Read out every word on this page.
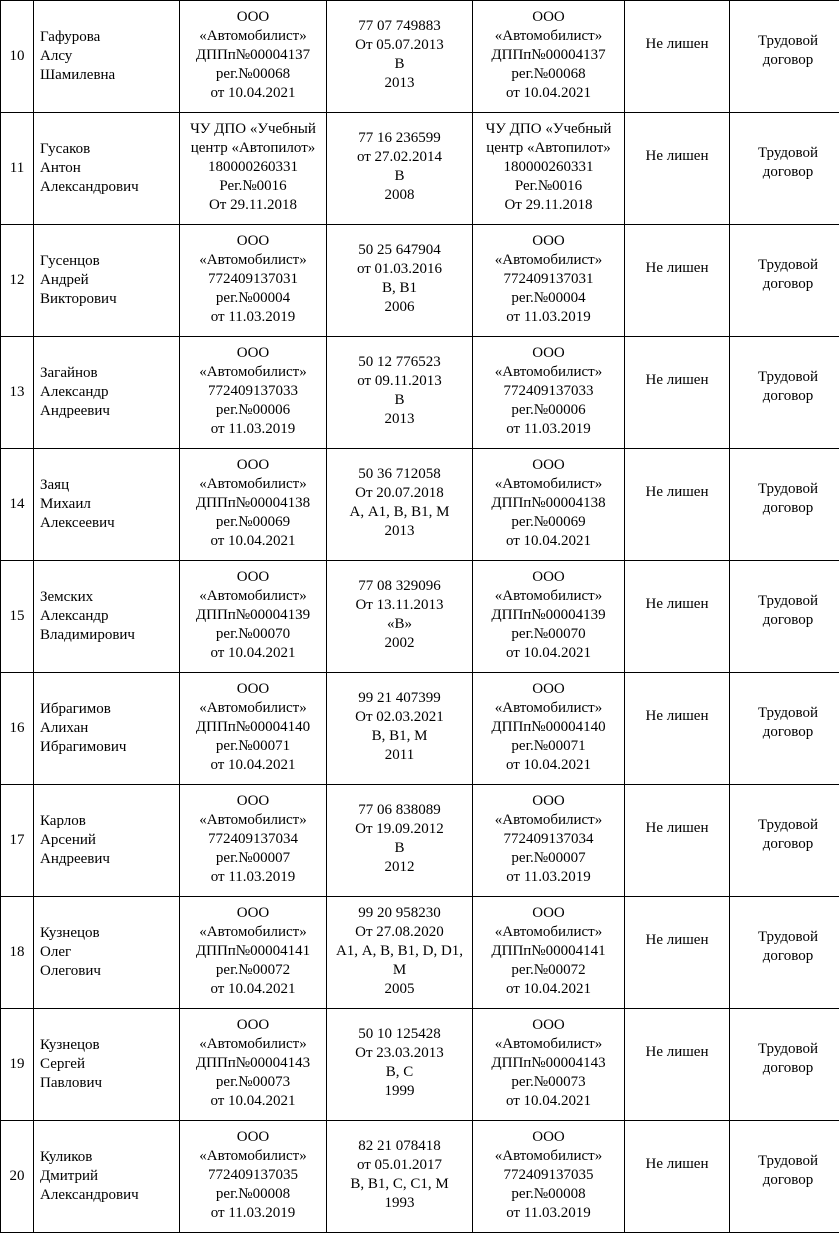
10	Гафурова
Алсу
Шамилевна	ООО
«Автомобилист»
ДППп№00004137
рег.№00068
от 10.04.2021	77 07 749883
От 05.07.2013
В
2013	ООО
«Автомобилист»
ДППп№00004137
рег.№00068
от 10.04.2021	Не лишен	Трудовой
договор

11	Гусаков
Антон
Александрович	ЧУ ДПО «Учебный
центр «Автопилот»
180000260331
Рег.№0016
От 29.11.2018	77 16 236599
от 27.02.2014
В
2008	ЧУ ДПО «Учебный
центр «Автопилот»
180000260331
Рег.№0016
От 29.11.2018	Не лишен	Трудовой
договор

12	Гусенцов
Андрей
Викторович	ООО
«Автомобилист»
772409137031
рег.№00004
от 11.03.2019	50 25 647904
от 01.03.2016
В, В1
2006	ООО
«Автомобилист»
772409137031
рег.№00004
от 11.03.2019	Не лишен	Трудовой
договор

13	Загайнов
Александр
Андреевич	ООО
«Автомобилист»
772409137033
рег.№00006
от 11.03.2019	50 12 776523
от 09.11.2013
В
2013	ООО
«Автомобилист»
772409137033
рег.№00006
от 11.03.2019	Не лишен	Трудовой
договор

14	Заяц
Михаил
Алексеевич	ООО
«Автомобилист»
ДППп№00004138
рег.№00069
от 10.04.2021	50 36 712058
От 20.07.2018
А, А1, В, В1, М
2013	ООО
«Автомобилист»
ДППп№00004138
рег.№00069
от 10.04.2021	Не лишен	Трудовой
договор

15	Земских
Александр
Владимирович	ООО
«Автомобилист»
ДППп№00004139
рег.№00070
от 10.04.2021	77 08 329096
От 13.11.2013
«В»
2002	ООО
«Автомобилист»
ДППп№00004139
рег.№00070
от 10.04.2021	Не лишен	Трудовой
договор

16	Ибрагимов
Алихан
Ибрагимович	ООО
«Автомобилист»
ДППп№00004140
рег.№00071
от 10.04.2021	99 21 407399
От 02.03.2021
В, В1, М
2011	ООО
«Автомобилист»
ДППп№00004140
рег.№00071
от 10.04.2021	Не лишен	Трудовой
договор

17	Карлов
Арсений
Андреевич	ООО
«Автомобилист»
772409137034
рег.№00007
от 11.03.2019	77 06 838089
От 19.09.2012
В
2012	ООО
«Автомобилист»
772409137034
рег.№00007
от 11.03.2019	Не лишен	Трудовой
договор

18	Кузнецов
Олег
Олегович	ООО
«Автомобилист»
ДППп№00004141
рег.№00072
от 10.04.2021	99 20 958230
От 27.08.2020
А1, А, В, В1, D, D1,
М
2005	ООО
«Автомобилист»
ДППп№00004141
рег.№00072
от 10.04.2021	Не лишен	Трудовой
договор

19	Кузнецов
Сергей
Павлович	ООО
«Автомобилист»
ДППп№00004143
рег.№00073
от 10.04.2021	50 10 125428
От 23.03.2013
В, С
1999	ООО
«Автомобилист»
ДППп№00004143
рег.№00073
от 10.04.2021	Не лишен	Трудовой
договор

20	Куликов
Дмитрий
Александрович	ООО
«Автомобилист»
772409137035
рег.№00008
от 11.03.2019	82 21 078418
от 05.01.2017
В, В1, С, С1, М
1993	ООО
«Автомобилист»
772409137035
рег.№00008
от 11.03.2019	Не лишен	Трудовой
договор
